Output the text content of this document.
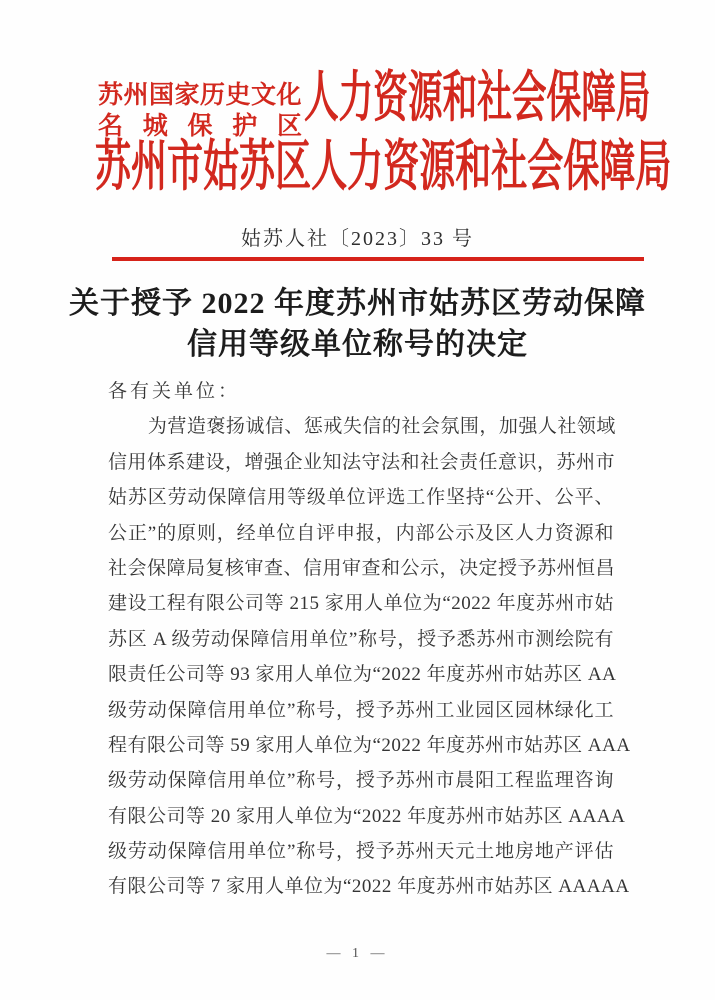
苏州国家历史文化
名 城 保 护 区 人力资源和社会保障局
苏州市姑苏区人力资源和社会保障局
姑苏人社〔2023〕33 号
关于授予 2022 年度苏州市姑苏区劳动保障
信用等级单位称号的决定
各有关单位：
为营造褒扬诚信、惩戒失信的社会氛围，加强人社领域
信用体系建设，增强企业知法守法和社会责任意识，苏州市
姑苏区劳动保障信用等级单位评选工作坚持“公开、公平、
公正”的原则，经单位自评申报，内部公示及区人力资源和
社会保障局复核审查、信用审查和公示，决定授予苏州恒昌
建设工程有限公司等 215 家用人单位为“2022 年度苏州市姑
苏区 A 级劳动保障信用单位”称号，授予悉苏州市测绘院有
限责任公司等 93 家用人单位为“2022 年度苏州市姑苏区 AA
级劳动保障信用单位”称号，授予苏州工业园区园林绿化工
程有限公司等 59 家用人单位为“2022 年度苏州市姑苏区 AAA
级劳动保障信用单位”称号，授予苏州市晨阳工程监理咨询
有限公司等 20 家用人单位为“2022 年度苏州市姑苏区 AAAA
级劳动保障信用单位”称号，授予苏州天元土地房地产评估
有限公司等 7 家用人单位为“2022 年度苏州市姑苏区 AAAAA
— 1 —
